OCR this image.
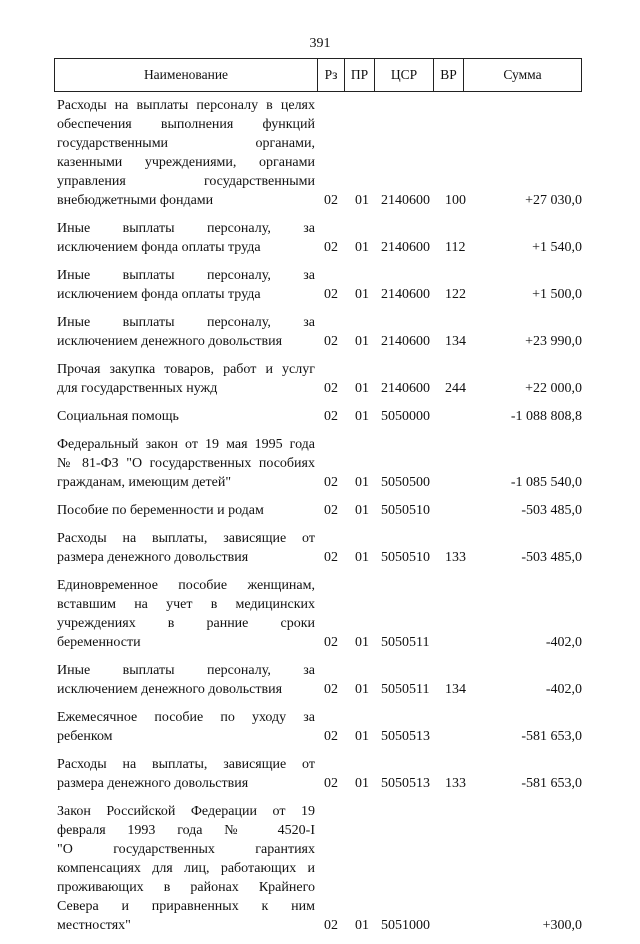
391
Наименование	Рз ПР	ЦСР	ВР	Сумма
Расходы на выплаты персоналу в целях
обеспечения выполнения функций
государственными органами,
казенными учреждениями, органами
управления государственными
внебюджетными фондами	02 01 2140600 100	+27 030,0
Иные выплаты персоналу, за
исключением фонда оплаты труда	02 01 2140600 112	+1 540,0
Иные выплаты персоналу, за
исключением фонда оплаты труда	02 01 2140600 122	+1 500,0
Иные выплаты персоналу, за
исключением денежного довольствия	02 01 2140600 134	+23 990,0
Прочая закупка товаров, работ и услуг
для государственных нужд	02 01 2140600 244	+22 000,0
Социальная помощь	02 01 5050000	-1 088 808,8
Федеральный закон от 19 мая 1995 года
№ 81-ФЗ "О государственных пособиях
гражданам, имеющим детей"	02 01 5050500	-1 085 540,0
Пособие по беременности и родам	02 01 5050510	-503 485,0
Расходы на выплаты, зависящие от
размера денежного довольствия	02 01 5050510 133	-503 485,0
Единовременное пособие женщинам,
вставшим на учет в медицинских
учреждениях в ранние сроки
беременности	02 01 5050511	-402,0
Иные выплаты персоналу, за
исключением денежного довольствия	02 01 5050511 134	-402,0
Ежемесячное пособие по уходу за
ребенком	02 01 5050513	-581 653,0
Расходы на выплаты, зависящие от
размера денежного довольствия	02 01 5050513 133	-581 653,0
Закон Российской Федерации от 19
февраля 1993 года № 4520-I
"О государственных гарантиях
компенсациях для лиц, работающих и
проживающих в районах Крайнего
Севера и приравненных к ним
местностях"	02 01 5051000	+300,0
